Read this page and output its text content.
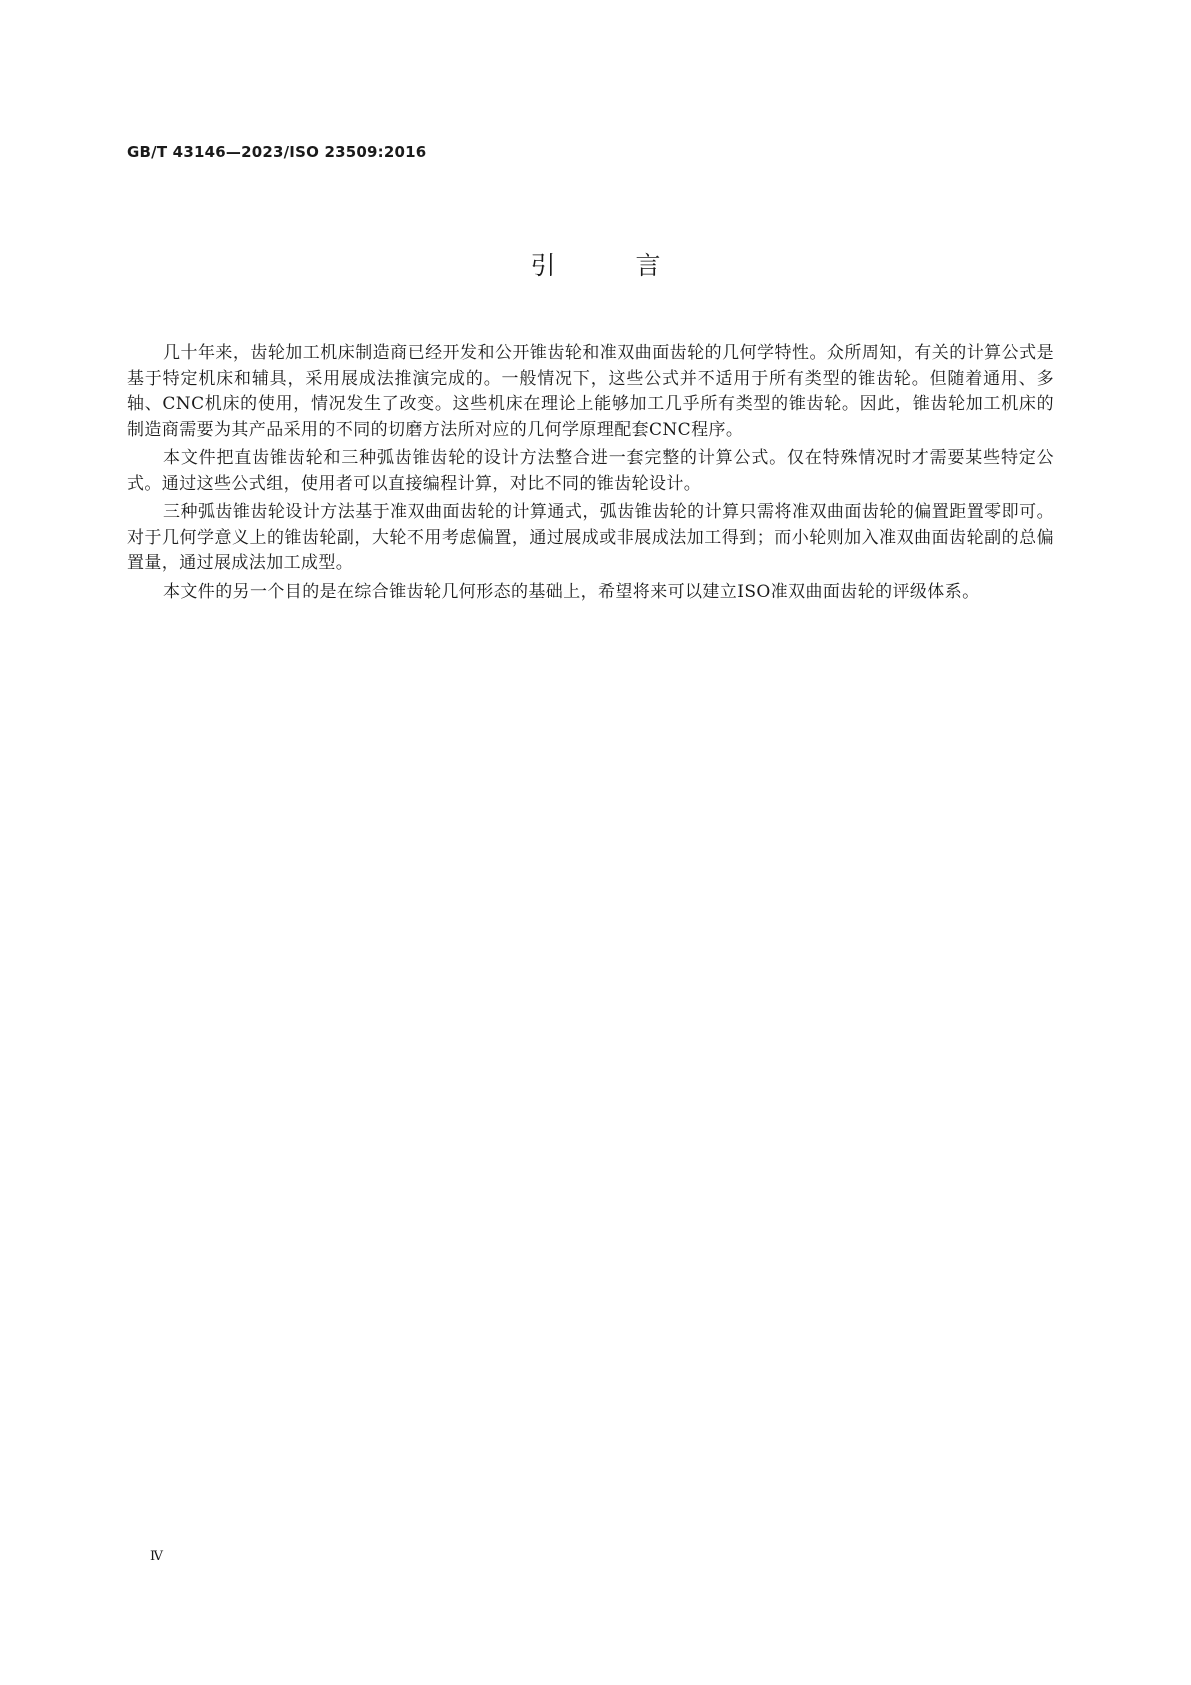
GB/T 43146—2023/ISO 23509:2016
引	言

几十年来，齿轮加工机床制造商已经开发和公开锥齿轮和准双曲面齿轮的几何学特性。众所周知，有关的计算公式是基于特定机床和辅具，采用展成法推演完成的。一般情况下，这些公式并不适用于所有类型的锥齿轮。但随着通用、多轴、CNC机床的使用，情况发生了改变。这些机床在理论上能够加工几乎所有类型的锥齿轮。因此，锥齿轮加工机床的制造商需要为其产品采用的不同的切磨方法所对应的几何学原理配套CNC程序。

本文件把直齿锥齿轮和三种弧齿锥齿轮的设计方法整合进一套完整的计算公式。仅在特殊情况时才需要某些特定公式。通过这些公式组，使用者可以直接编程计算，对比不同的锥齿轮设计。

三种弧齿锥齿轮设计方法基于准双曲面齿轮的计算通式，弧齿锥齿轮的计算只需将准双曲面齿轮的偏置距置零即可。对于几何学意义上的锥齿轮副，大轮不用考虑偏置，通过展成或非展成法加工得到；而小轮则加入准双曲面齿轮副的总偏置量，通过展成法加工成型。

本文件的另一个目的是在综合锥齿轮几何形态的基础上，希望将来可以建立ISO准双曲面齿轮的评级体系。

Ⅳ
